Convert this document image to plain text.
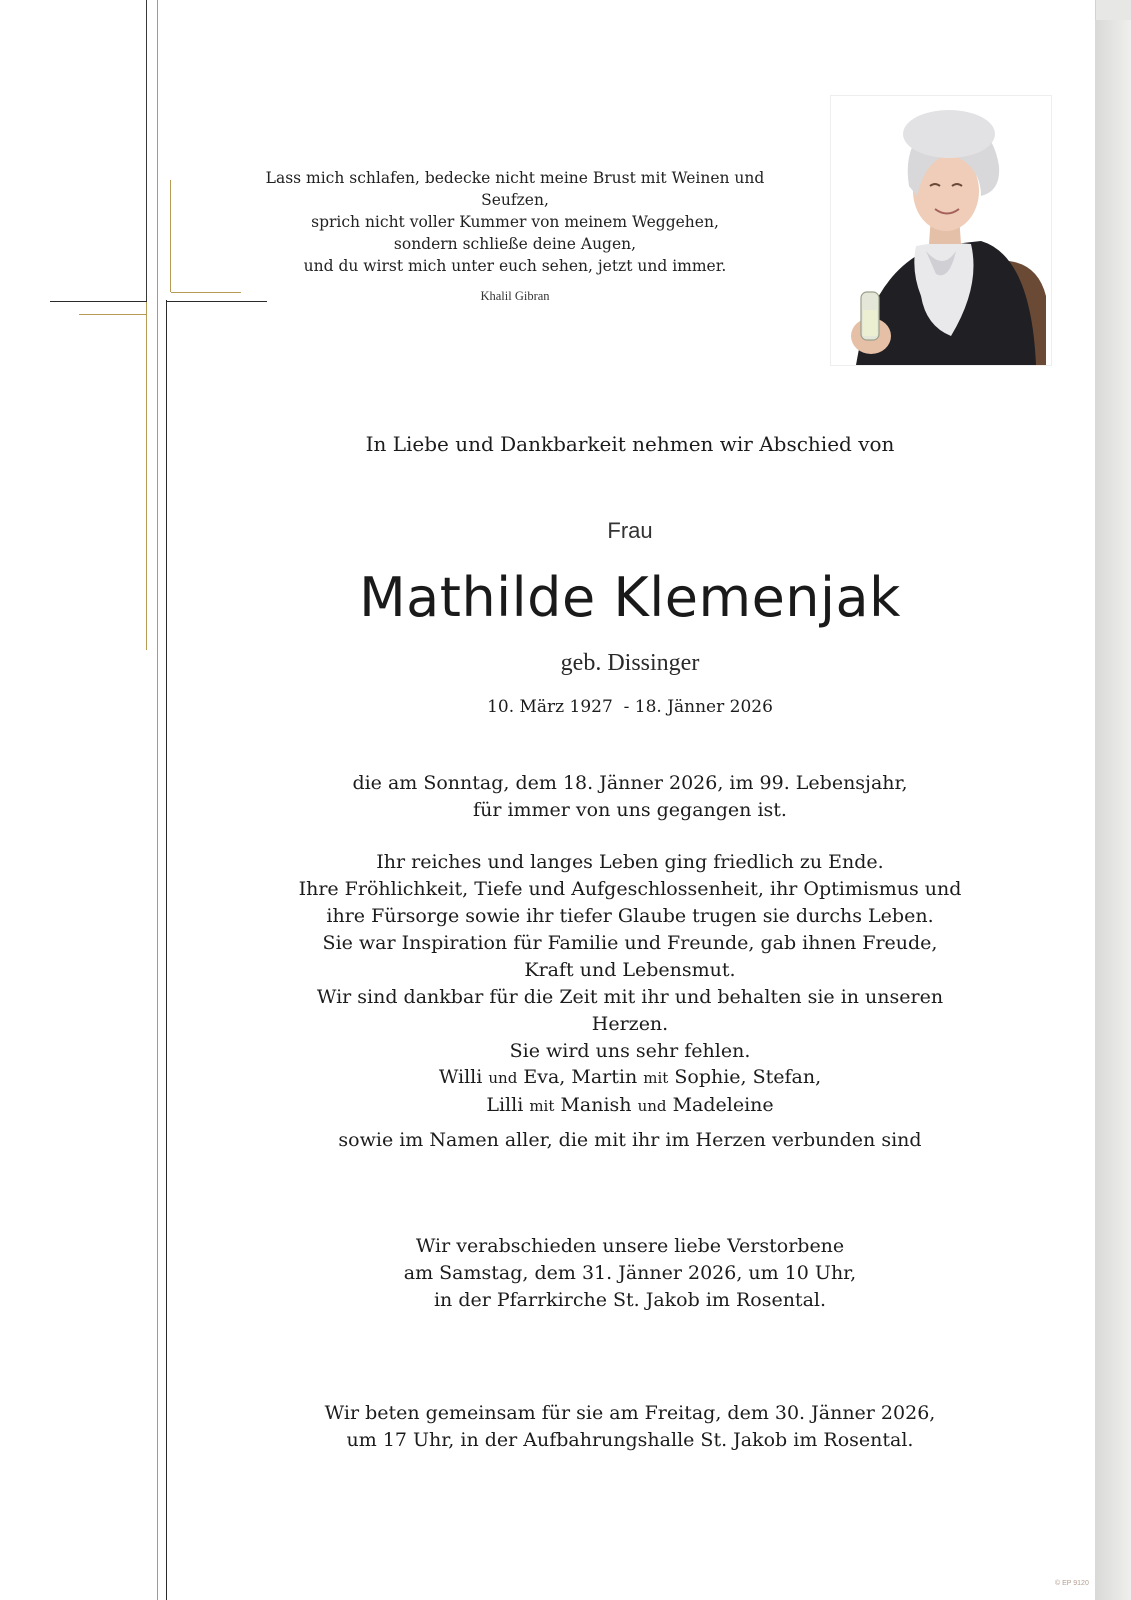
Lass mich schlafen, bedecke nicht meine Brust mit Weinen und Seufzen,
sprich nicht voller Kummer von meinem Weggehen,
sondern schließe deine Augen,
und du wirst mich unter euch sehen, jetzt und immer.
Khalil Gibran
In Liebe und Dankbarkeit nehmen wir Abschied von
Frau
Mathilde Klemenjak
geb. Dissinger
10. März 1927  - 18. Jänner 2026
die am Sonntag, dem 18. Jänner 2026, im 99. Lebensjahr,
für immer von uns gegangen ist.
Ihr reiches und langes Leben ging friedlich zu Ende.
Ihre Fröhlichkeit, Tiefe und Aufgeschlossenheit, ihr Optimismus und
ihre Fürsorge sowie ihr tiefer Glaube trugen sie durchs Leben.
Sie war Inspiration für Familie und Freunde, gab ihnen Freude,
Kraft und Lebensmut.
Wir sind dankbar für die Zeit mit ihr und behalten sie in unseren Herzen.
Sie wird uns sehr fehlen.
Willi und Eva, Martin mit Sophie, Stefan,
Lilli mit Manish und Madeleine
sowie im Namen aller, die mit ihr im Herzen verbunden sind
Wir verabschieden unsere liebe Verstorbene
am Samstag, dem 31. Jänner 2026, um 10 Uhr,
in der Pfarrkirche St. Jakob im Rosental.
Wir beten gemeinsam für sie am Freitag, dem 30. Jänner 2026,
um 17 Uhr, in der Aufbahrungshalle St. Jakob im Rosental.
© EP 9120
